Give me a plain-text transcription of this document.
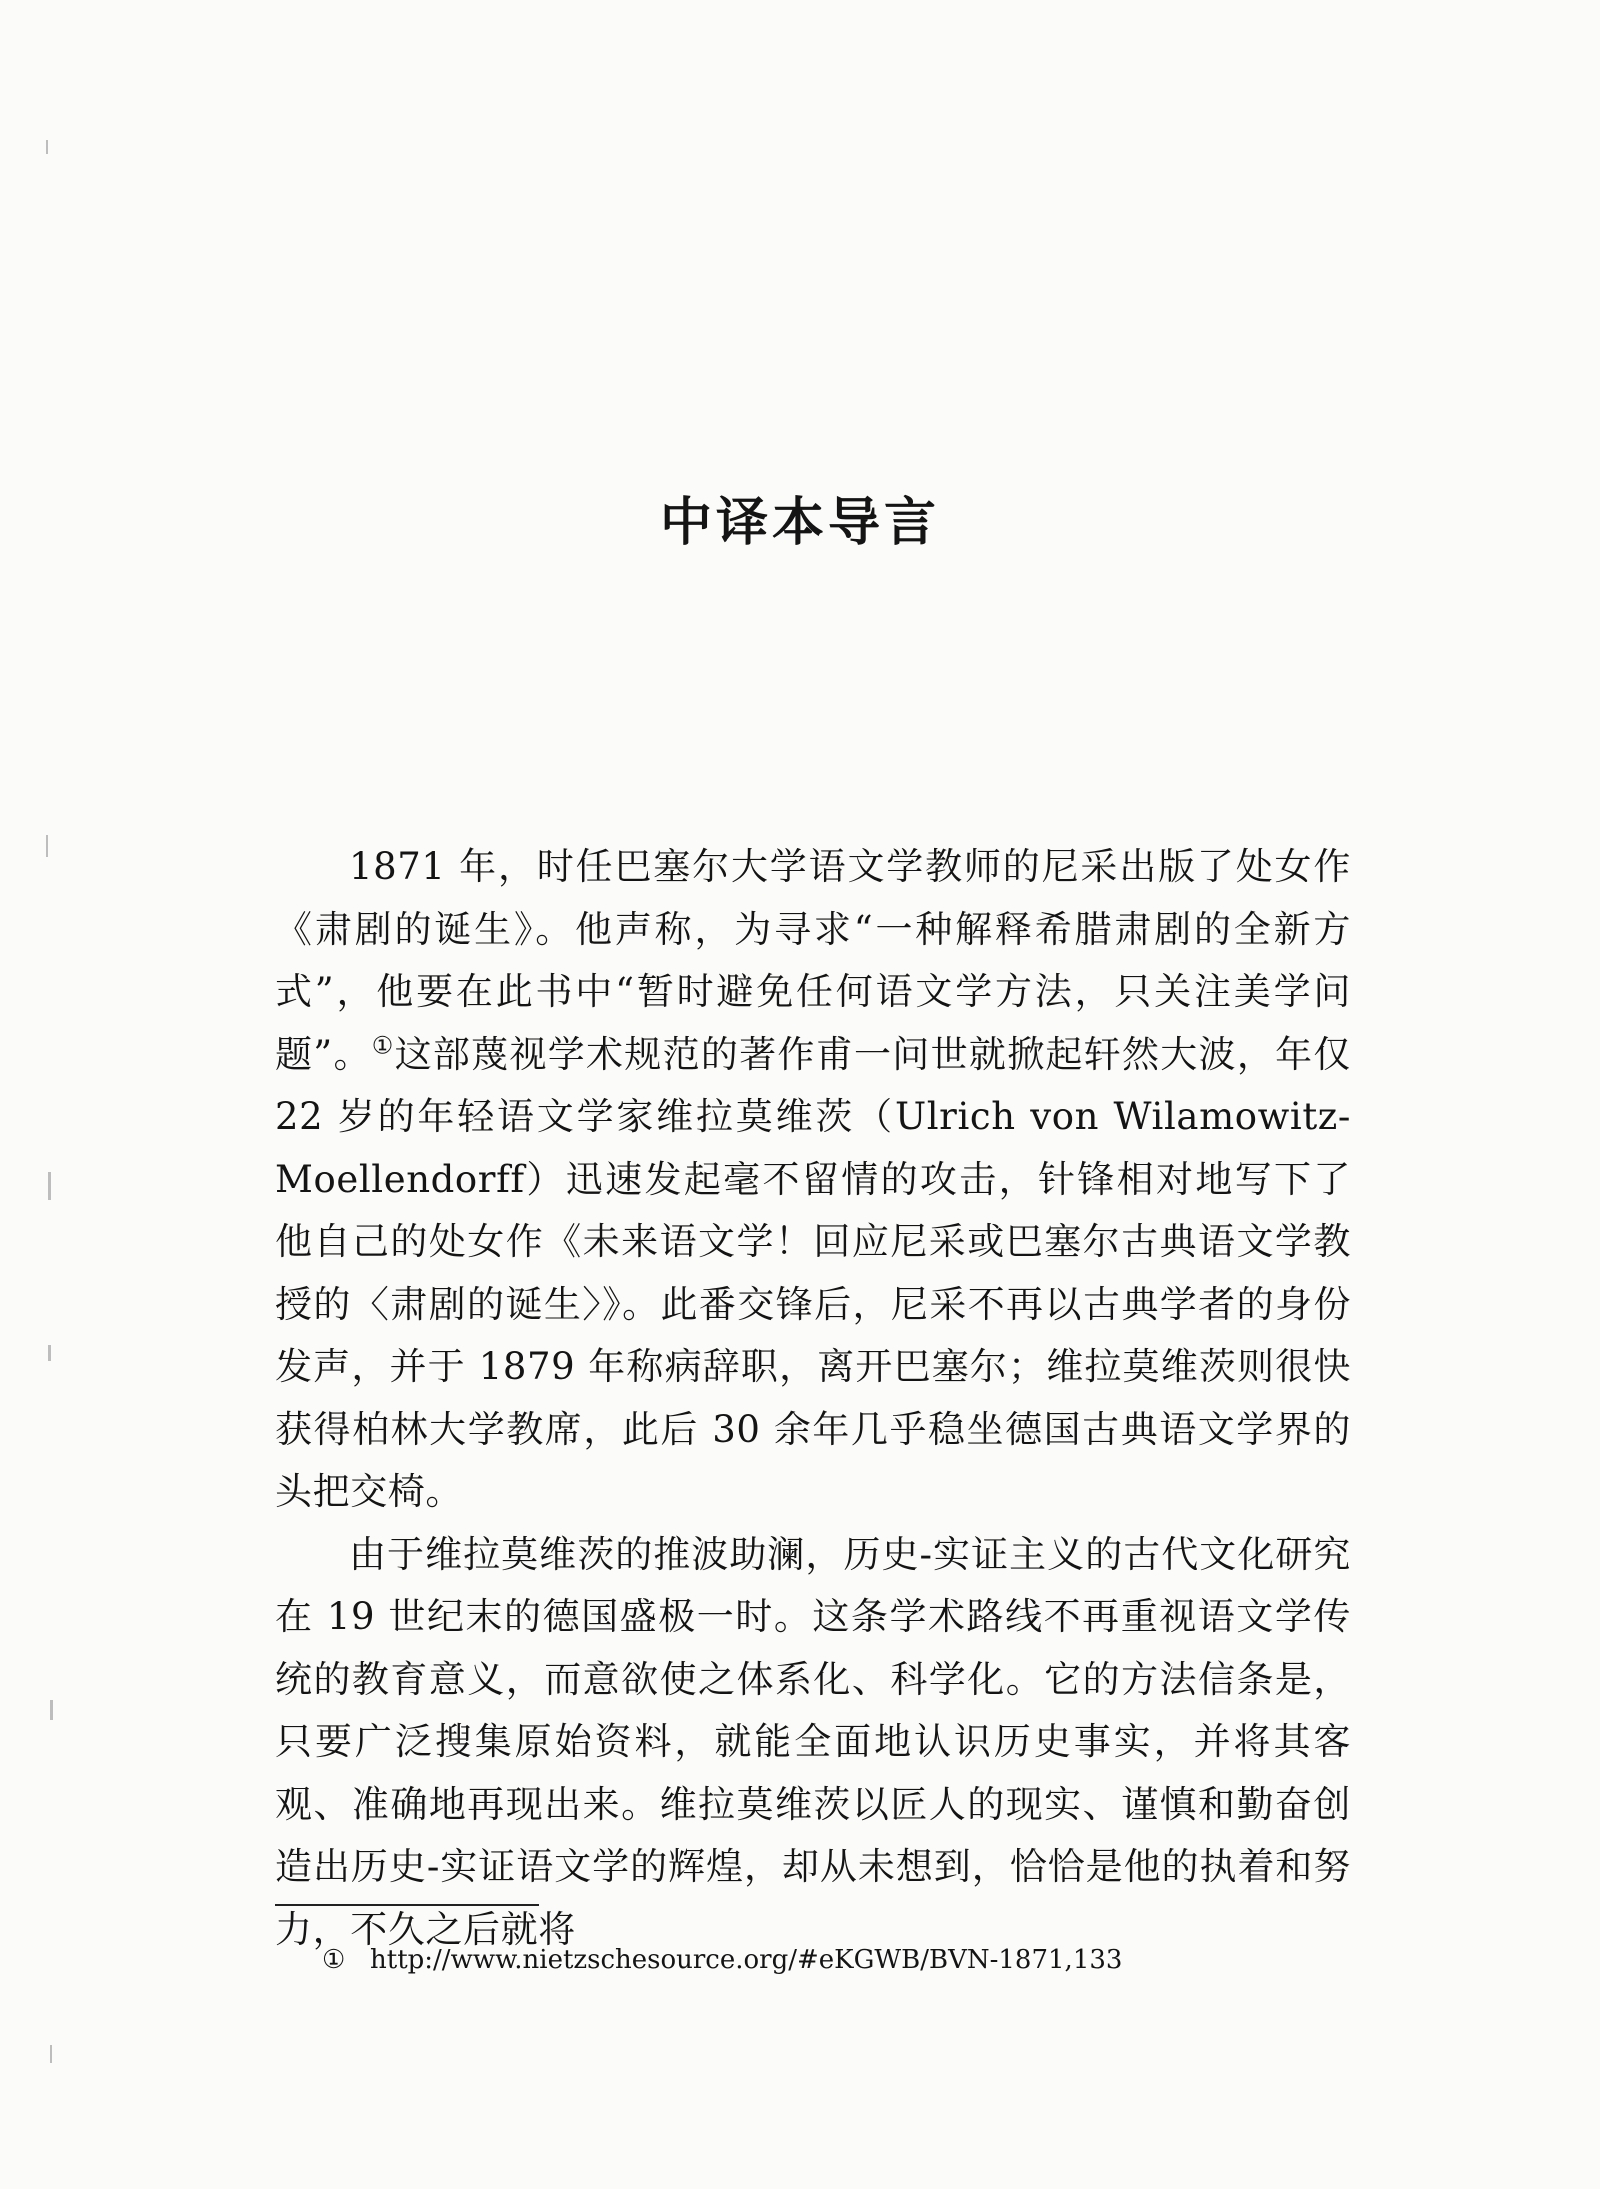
中译本导言

1871 年，时任巴塞尔大学语文学教师的尼采出版了处女作《肃剧的诞生》。他声称，为寻求“一种解释希腊肃剧的全新方式”，他要在此书中“暂时避免任何语文学方法，只关注美学问题”。①这部蔑视学术规范的著作甫一问世就掀起轩然大波，年仅 22 岁的年轻语文学家维拉莫维茨（Ulrich von Wilamowitz-Moellendorff）迅速发起毫不留情的攻击，针锋相对地写下了他自己的处女作《未来语文学！回应尼采或巴塞尔古典语文学教授的〈肃剧的诞生〉》。此番交锋后，尼采不再以古典学者的身份发声，并于 1879 年称病辞职，离开巴塞尔；维拉莫维茨则很快获得柏林大学教席，此后 30 余年几乎稳坐德国古典语文学界的头把交椅。

由于维拉莫维茨的推波助澜，历史-实证主义的古代文化研究在 19 世纪末的德国盛极一时。这条学术路线不再重视语文学传统的教育意义，而意欲使之体系化、科学化。它的方法信条是，只要广泛搜集原始资料，就能全面地认识历史事实，并将其客观、准确地再现出来。维拉莫维茨以匠人的现实、谨慎和勤奋创造出历史-实证语文学的辉煌，却从未想到，恰恰是他的执着和努力，不久之后就将

① http://www.nietzschesource.org/#eKGWB/BVN-1871,133
